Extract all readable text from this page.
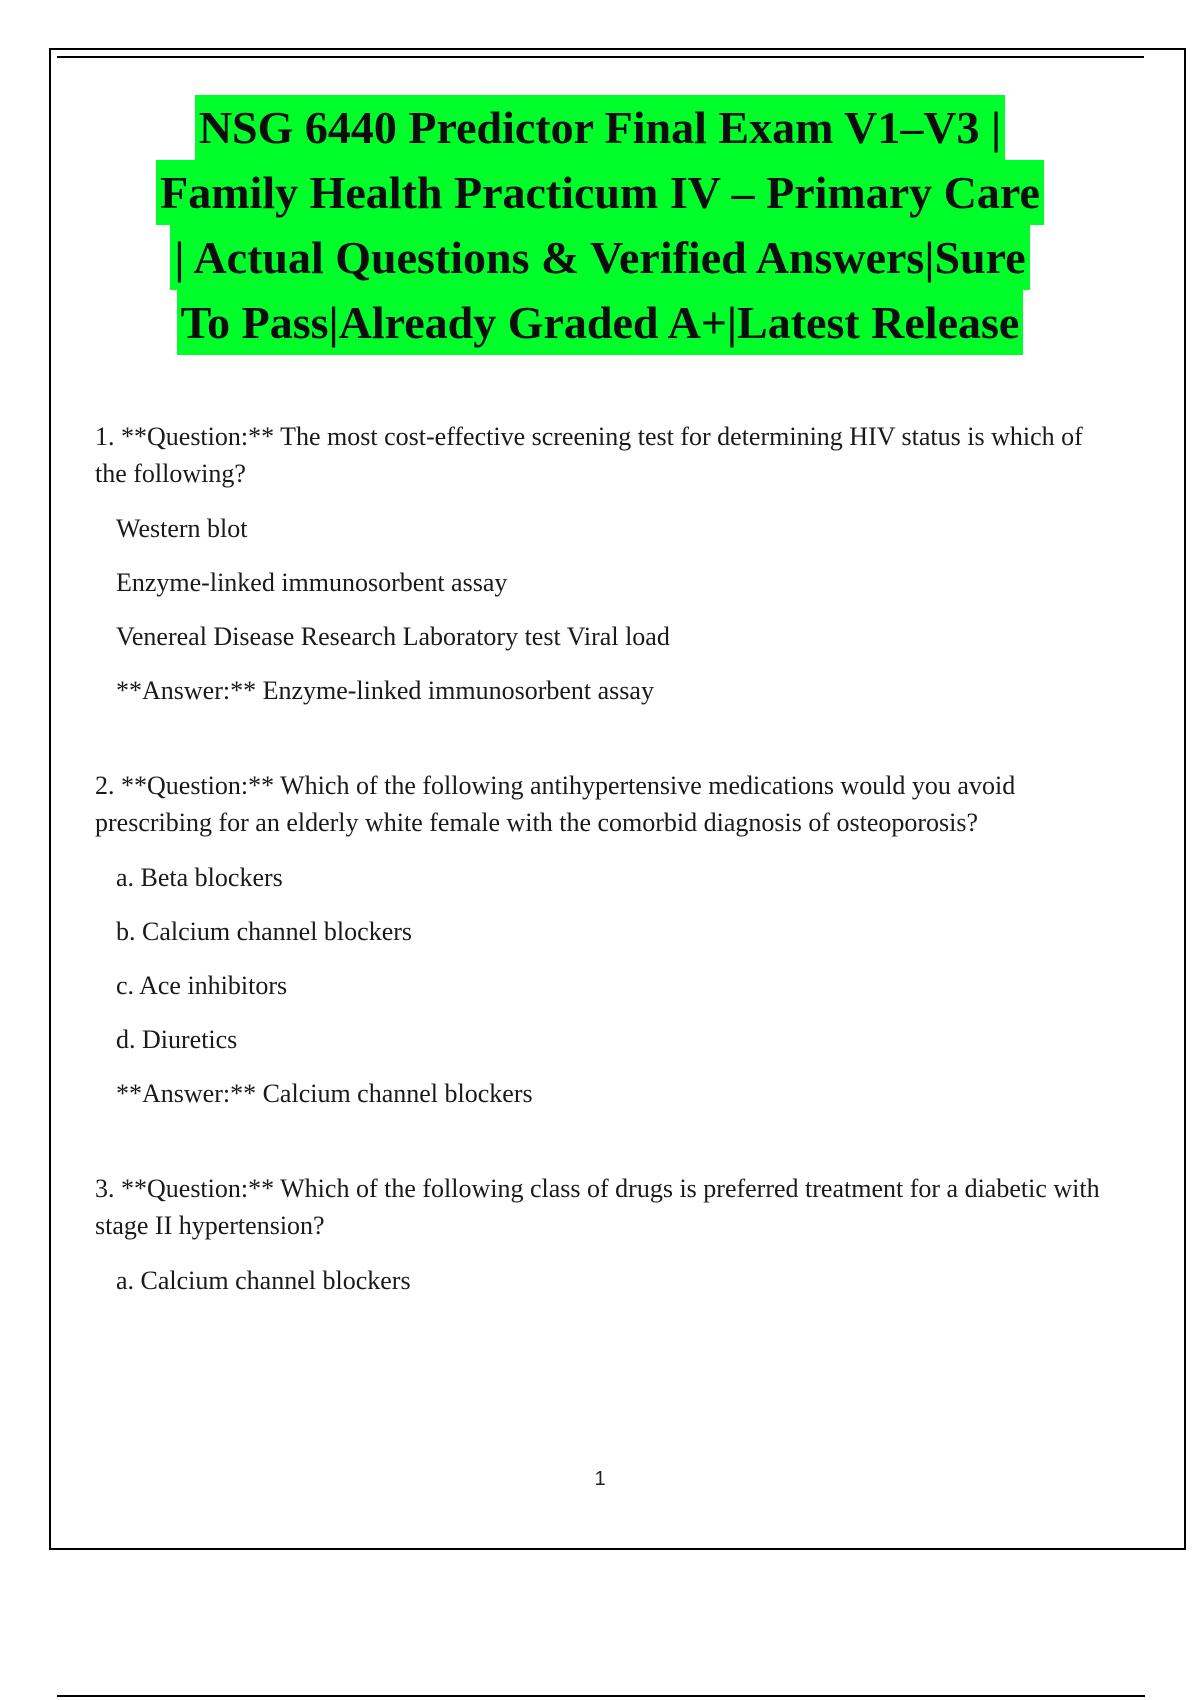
NSG 6440 Predictor Final Exam V1–V3 |
Family Health Practicum IV – Primary Care
| Actual Questions & Verified Answers|Sure
To Pass|Already Graded A+|Latest Release
1. **Question:** The most cost-effective screening test for determining HIV status is which of the following?
Western blot
Enzyme-linked immunosorbent assay
Venereal Disease Research Laboratory test Viral load
**Answer:** Enzyme-linked immunosorbent assay
2. **Question:** Which of the following antihypertensive medications would you avoid prescribing for an elderly white female with the comorbid diagnosis of osteoporosis?
a. Beta blockers
b. Calcium channel blockers
c. Ace inhibitors
d. Diuretics
**Answer:** Calcium channel blockers
3. **Question:** Which of the following class of drugs is preferred treatment for a diabetic with stage II hypertension?
a. Calcium channel blockers
1
